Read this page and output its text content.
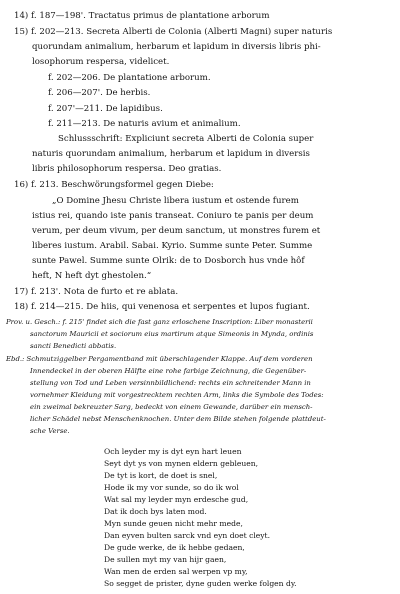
14) f. 187—198'. Tractatus primus de plantatione arborum
15) f. 202—213. Secreta Alberti de Colonia (Alberti Magni) super naturis
quorundam animalium, herbarum et lapidum in diversis libris phi-
losophorum respersa, videlicet.
f. 202—206. De plantatione arborum.
f. 206—207'. De herbis.
f. 207'—211. De lapidibus.
f. 211—213. De naturis avium et animalium.
Schlussschrift: Expliciunt secreta Alberti de Colonia super
naturis quorundam animalium, herbarum et lapidum in diversis
libris philosophorum respersa. Deo gratias.
16) f. 213. Beschwörungsformel gegen Diebe:
„O Domine Jhesu Christe libera iustum et ostende furem
istius rei, quando iste panis transeat. Coniuro te panis per deum
verum, per deum vivum, per deum sanctum, ut monstres furem et
liberes iustum. Arabil. Sabai. Kyrio. Summe sunte Peter. Summe
sunte Pawel. Summe sunte Olrik: de to Dosborch hus vnde hôf
heft, N heft dyt ghestolen.“
17) f. 213'. Nota de furto et re ablata.
18) f. 214—215. De hiis, qui venenosa et serpentes et lupos fugiant.
Prov. u. Gesch.: f. 215' findet sich die fast ganz erloschene Inscription: Liber monasterii
sanctorum Mauricii et sociorum eius martirum atque Simeonis in Mynda, ordinis
sancti Benedicti abbatis.
Ebd.: Schmutziggelber Pergamentband mit überschlagender Klappe. Auf dem vorderen
Innendeckel in der oberen Hälfte eine rohe farbige Zeichnung, die Gegenüber-
stellung von Tod und Leben versinnbildlichend: rechts ein schreitender Mann in
vornehmer Kleidung mit vorgestrecktem rechten Arm, links die Symbole des Todes:
ein zweimal bekreuzter Sarg, bedeckt von einem Gewande, darüber ein mensch-
licher Schädel nebst Menschenknochen. Unter dem Bilde stehen folgende plattdeut-
sche Verse.
Och leyder my is dyt eyn hart leuen
Seyt dyt ys von mynen eldern gebleuen,
De tyt is kort, de doet is snel,
Hode ik my vor sunde, so do ik wol
Wat sal my leyder myn erdesche gud,
Dat ik doch bys laten mod.
Myn sunde geuen nicht mehr mede,
Dan eyven bulten sarck vnd eyn doet cleyt.
De gude werke, de ik hebbe gedaen,
De sullen myt my van hijr gaen,
Wan men de erden sal werpen vp my,
So segget de prister, dyne guden werke folgen dy.
